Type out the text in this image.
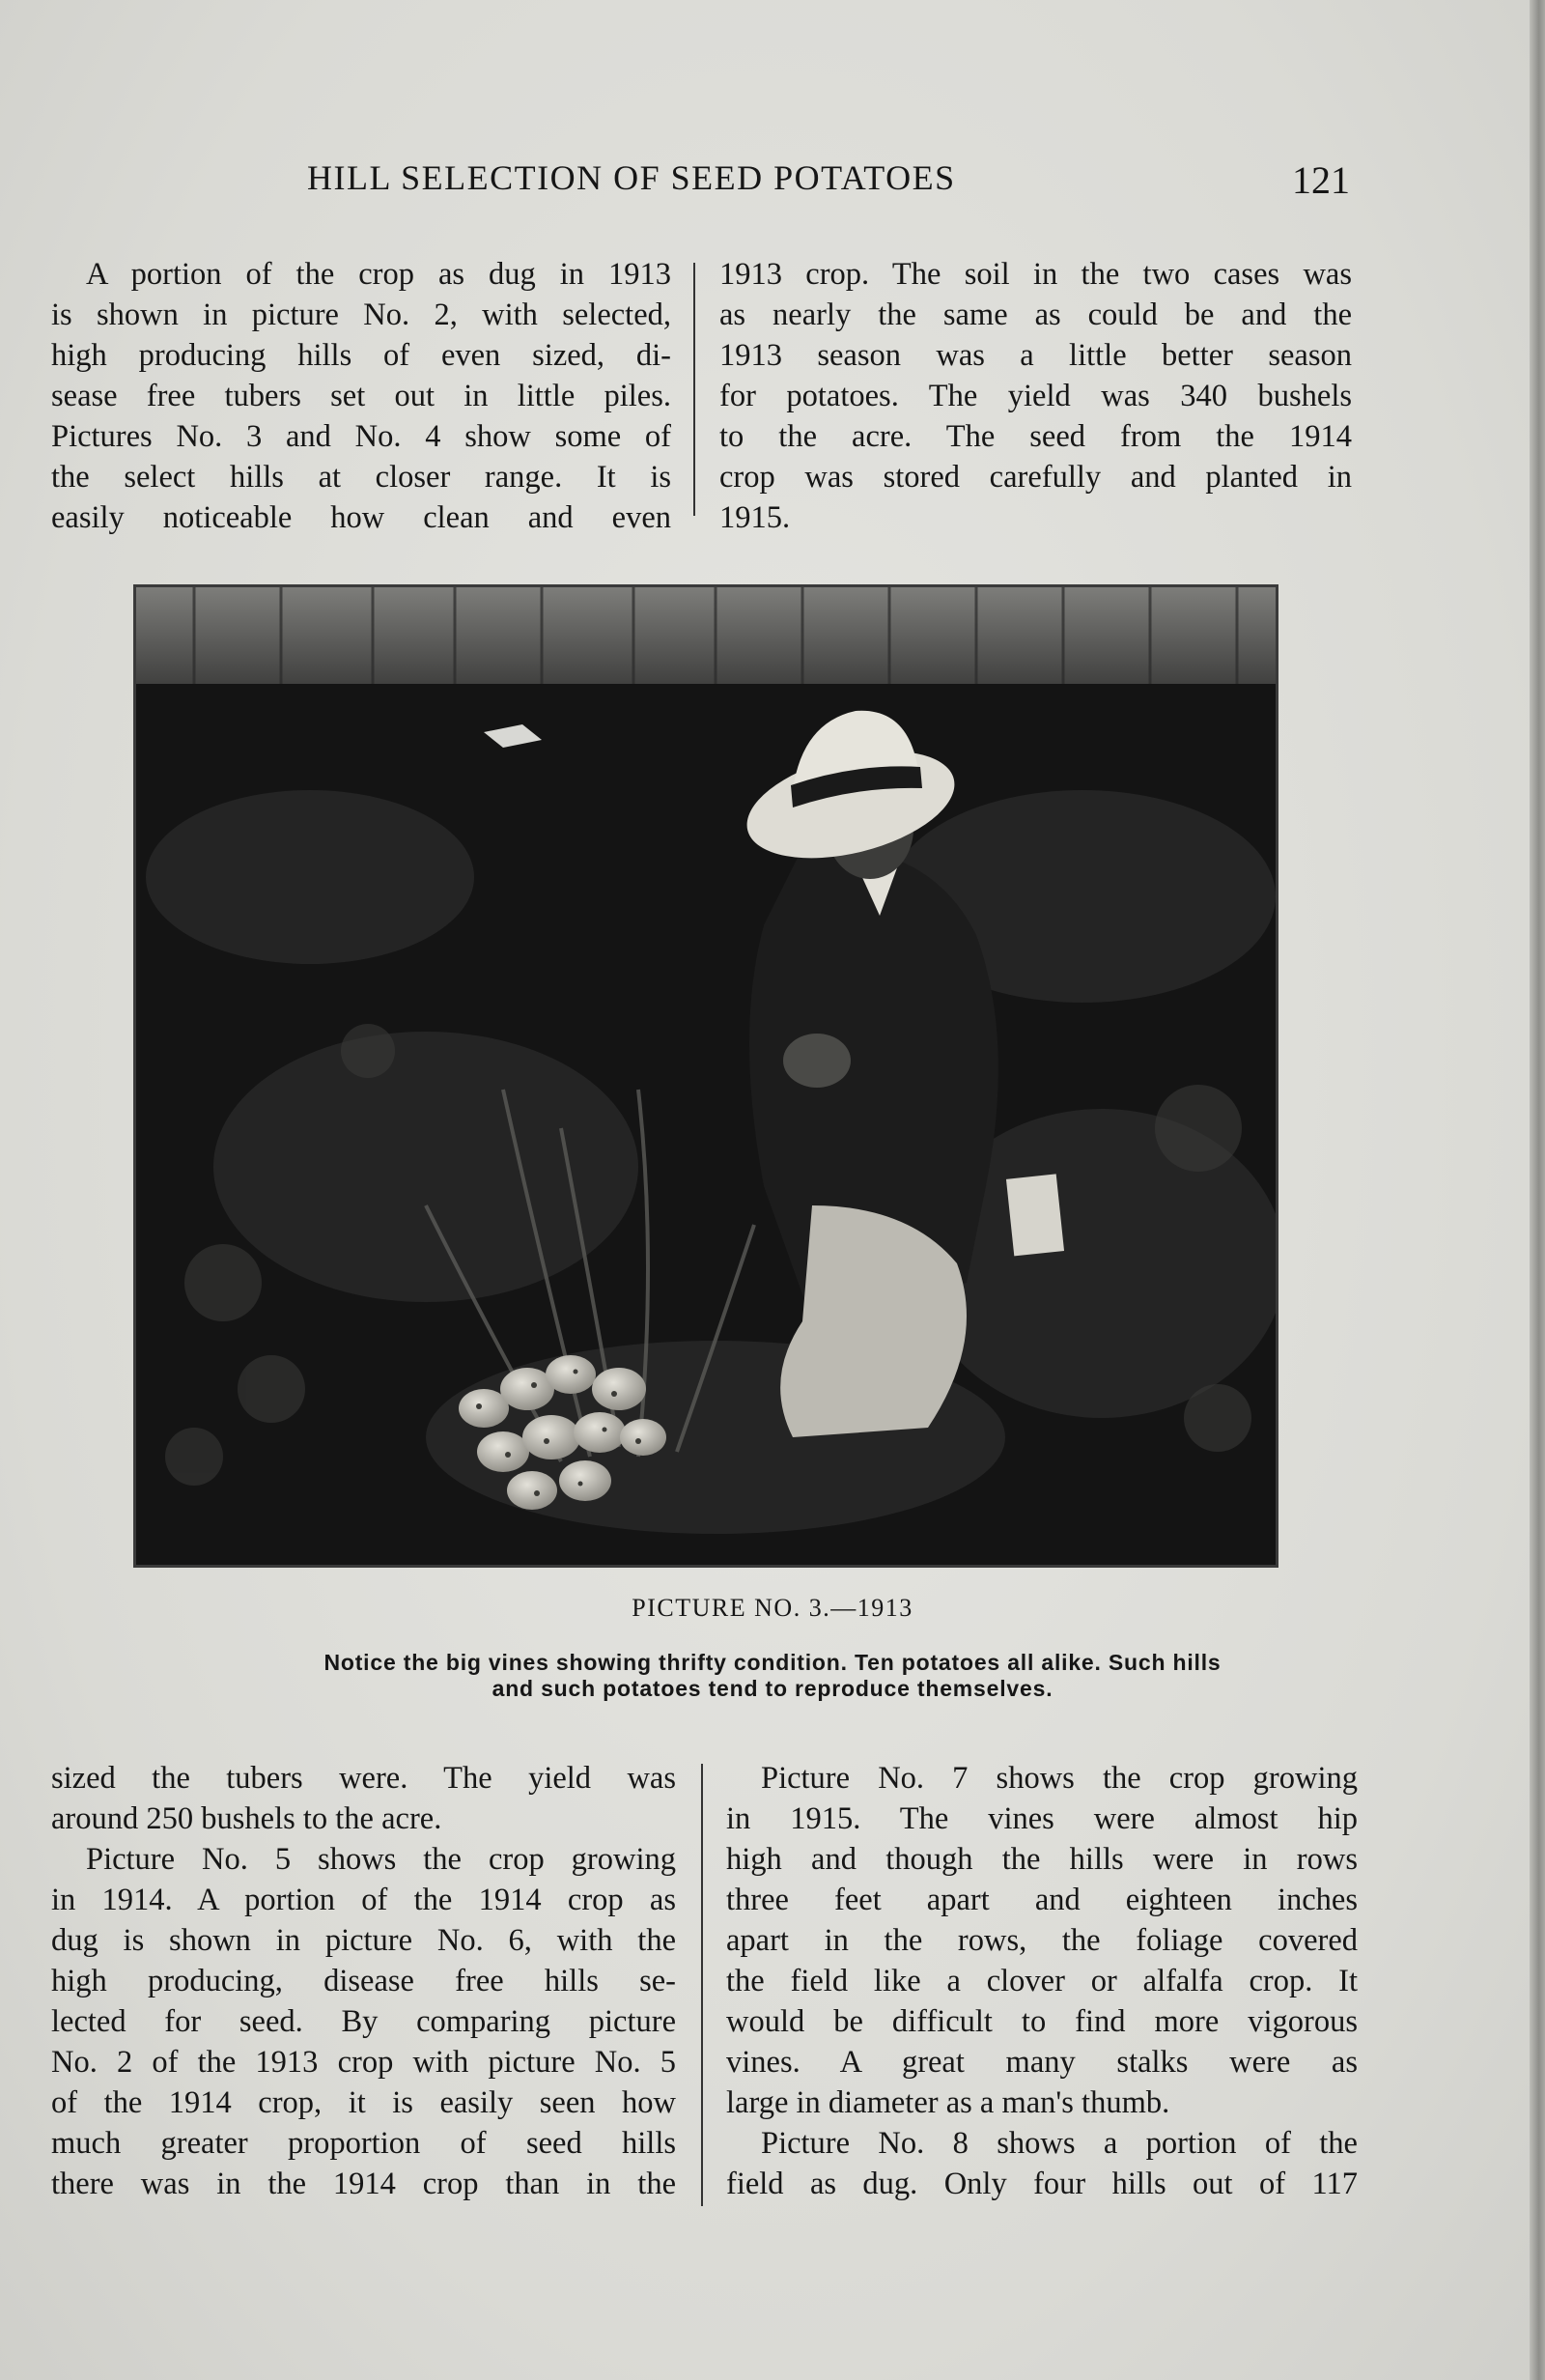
HILL SELECTION OF SEED POTATOES	121

A portion of the crop as dug in 1913
is shown in picture No. 2, with selected,
high producing hills of even sized, di-
sease free tubers set out in little piles.
Pictures No. 3 and No. 4 show some of
the select hills at closer range. It is
easily noticeable how clean and even

1913 crop. The soil in the two cases was
as nearly the same as could be and the
1913 season was a little better season
for potatoes. The yield was 340 bushels
to the acre. The seed from the 1914
crop was stored carefully and planted in
1915.

PICTURE NO. 3.—1913
Notice the big vines showing thrifty condition. Ten potatoes all alike. Such hills
and such potatoes tend to reproduce themselves.

sized the tubers were. The yield was
around 250 bushels to the acre.

Picture No. 5 shows the crop growing
in 1914. A portion of the 1914 crop as
dug is shown in picture No. 6, with the
high producing, disease free hills se-
lected for seed. By comparing picture
No. 2 of the 1913 crop with picture No. 5
of the 1914 crop, it is easily seen how
much greater proportion of seed hills
there was in the 1914 crop than in the

Picture No. 7 shows the crop growing
in 1915. The vines were almost hip
high and though the hills were in rows
three feet apart and eighteen inches
apart in the rows, the foliage covered
the field like a clover or alfalfa crop. It
would be difficult to find more vigorous
vines. A great many stalks were as
large in diameter as a man's thumb.

Picture No. 8 shows a portion of the
field as dug. Only four hills out of 117
